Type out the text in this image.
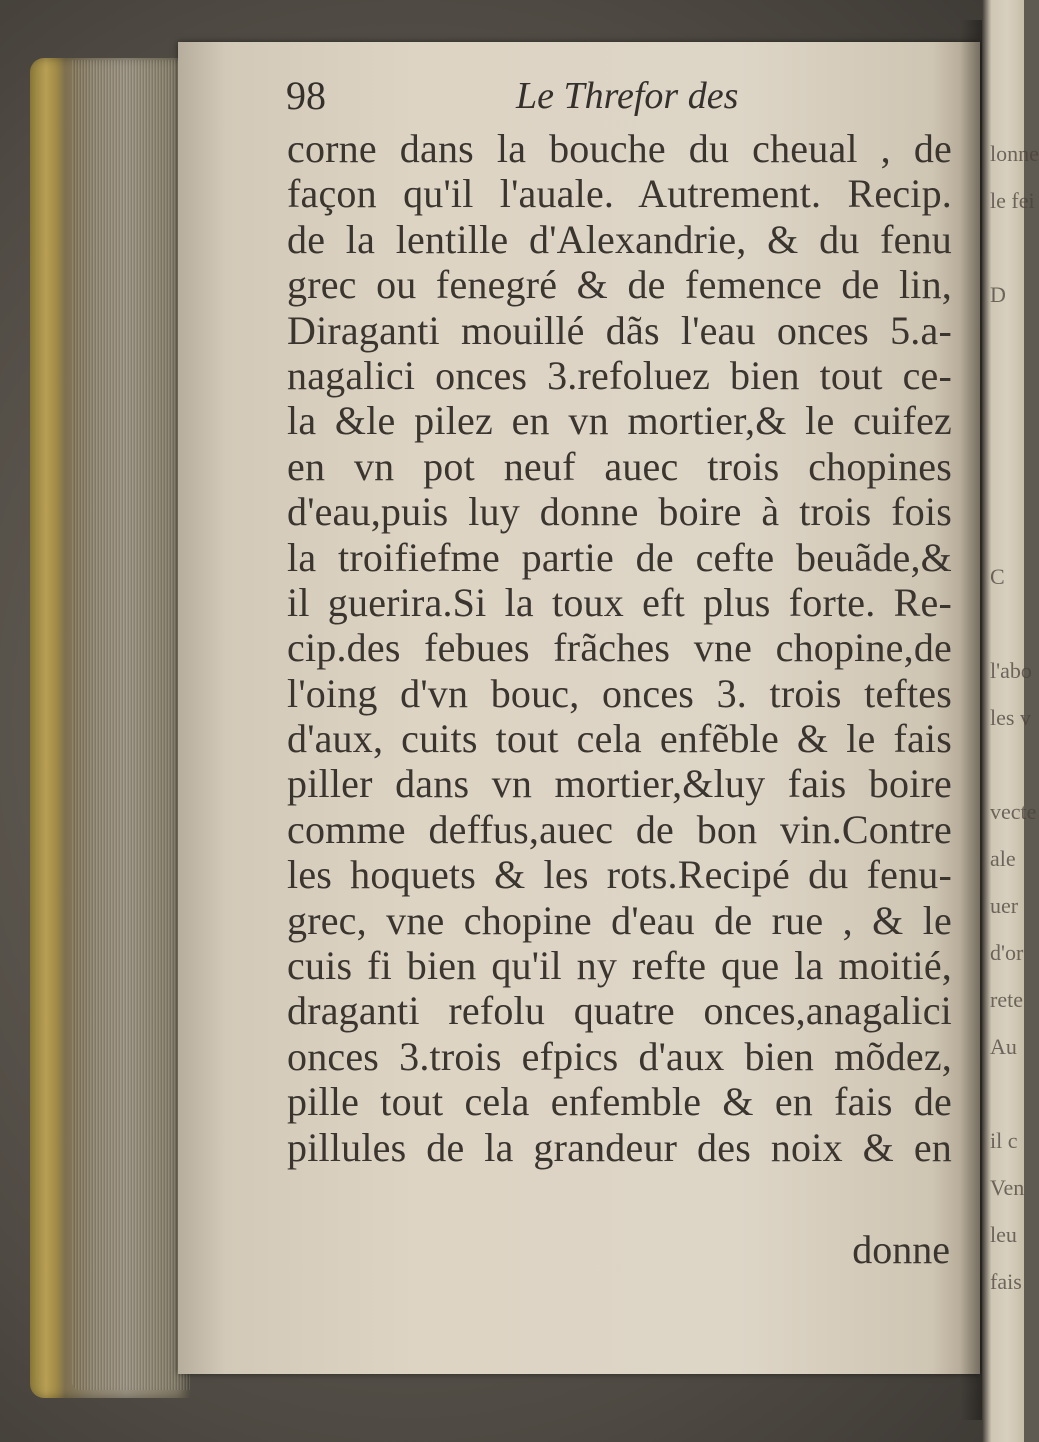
98	Le Threfor des
corne dans la bouche du cheual , de
façon qu'il l'auale. Autrement. Recip.
de la lentille d'Alexandrie, & du fenu
grec ou fenegré & de femence de lin,
Diraganti mouillé dãs l'eau onces 5.a-
nagalici onces 3.refoluez bien tout ce-
la &le pilez en vn mortier,& le cuifez
en vn pot neuf auec trois chopines
d'eau,puis luy donne boire à trois fois
la troifiefme partie de cefte beuãde,&
il guerira.Si la toux eft plus forte. Re-
cip.des febues frãches vne chopine,de
l'oing d'vn bouc, onces 3. trois teftes
d'aux, cuits tout cela enfẽble & le fais
piller dans vn mortier,&luy fais boire
comme deffus,auec de bon vin.Contre
les hoquets & les rots.Recipé du fenu-
grec, vne chopine d'eau de rue , & le
cuis fi bien qu'il ny refte que la moitié,
draganti refolu quatre onces,anagalici
onces 3.trois efpics d'aux bien mõdez,
pille tout cela enfemble & en fais de
pillules de la grandeur des noix & en
donne
lonne
le fei
D
C
l'abo
les v
vecte
ale
uer
d'or
rete
Au
il c
Ven
leu
fais
